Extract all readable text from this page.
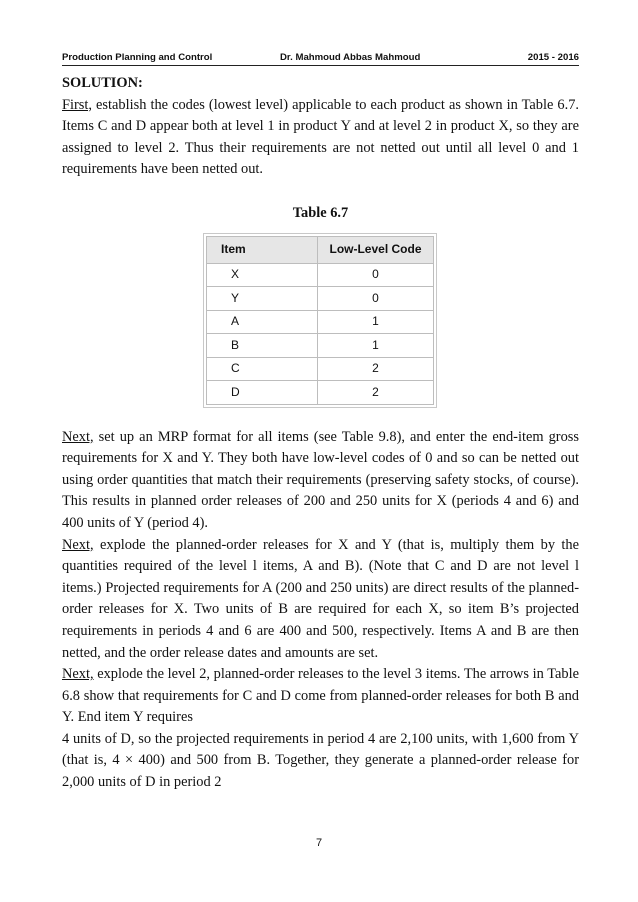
Production Planning and Control	Dr. Mahmoud Abbas Mahmoud	2015 - 2016

SOLUTION:

First, establish the codes (lowest level) applicable to each product as shown in Table 6.7. Items C and D appear both at level 1 in product Y and at level 2 in product X, so they are assigned to level 2. Thus their requirements are not netted out until all level 0 and 1 requirements have been netted out.

Table 6.7

Item	Low-Level Code
X	0
Y	0
A	1
B	1
C	2
D	2

Next, set up an MRP format for all items (see Table 9.8), and enter the end-item gross requirements for X and Y. They both have low-level codes of 0 and so can be netted out using order quantities that match their requirements (preserving safety stocks, of course). This results in planned order releases of 200 and 250 units for X (periods 4 and 6) and 400 units of Y (period 4).

Next, explode the planned-order releases for X and Y (that is, multiply them by the quantities required of the level l items, A and B). (Note that C and D are not level l items.) Projected requirements for A (200 and 250 units) are direct results of the planned-order releases for X. Two units of B are required for each X, so item B’s projected requirements in periods 4 and 6 are 400 and 500, respectively. Items A and B are then netted, and the order release dates and amounts are set.

Next, explode the level 2, planned-order releases to the level 3 items. The arrows in Table 6.8 show that requirements for C and D come from planned-order releases for both B and Y. End item Y requires

4 units of D, so the projected requirements in period 4 are 2,100 units, with 1,600 from Y (that is, 4 × 400) and 500 from B. Together, they generate a planned-order release for 2,000 units of D in period 2

7
